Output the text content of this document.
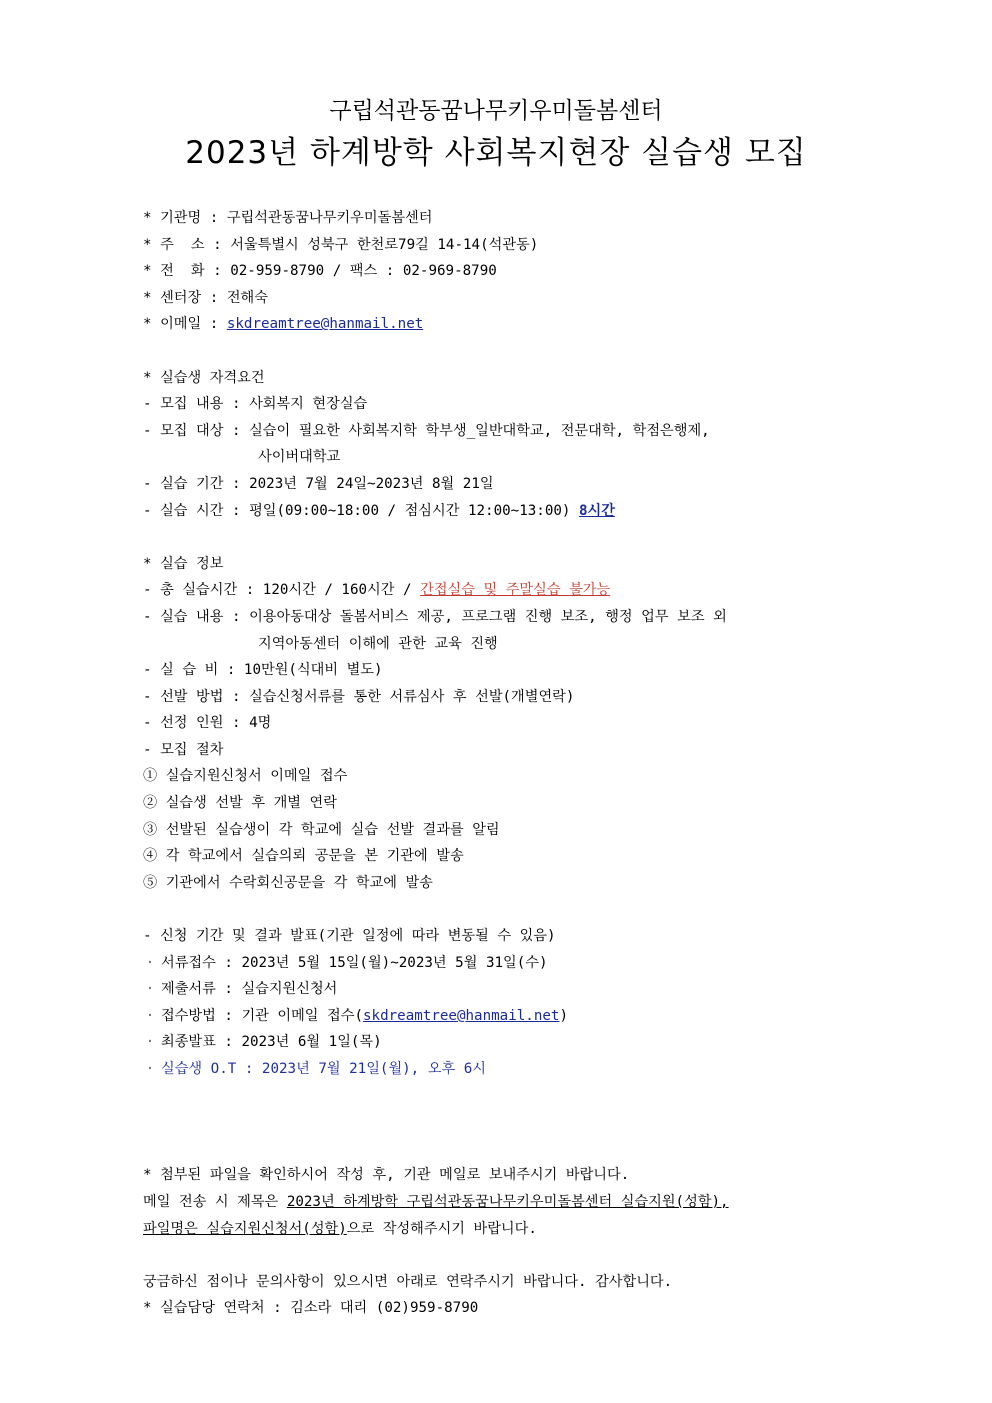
구립석관동꿈나무키우미돌봄센터
2023년 하계방학 사회복지현장 실습생 모집
* 기관명 : 구립석관동꿈나무키우미돌봄센터
* 주  소 : 서울특별시 성북구 한천로79길 14-14(석관동)
* 전  화 : 02-959-8790 / 팩스 : 02-969-8790
* 센터장 : 전해숙
* 이메일 : skdreamtree@hanmail.net
* 실습생 자격요건
- 모집 내용 : 사회복지 현장실습
- 모집 대상 : 실습이 필요한 사회복지학 학부생_일반대학교, 전문대학, 학점은행제,
사이버대학교
- 실습 기간 : 2023년 7월 24일~2023년 8월 21일
- 실습 시간 : 평일(09:00~18:00 / 점심시간 12:00~13:00) 8시간
* 실습 정보
- 총 실습시간 : 120시간 / 160시간 / 간접실습 및 주말실습 불가능
- 실습 내용 : 이용아동대상 돌봄서비스 제공, 프로그램 진행 보조, 행정 업무 보조 외
지역아동센터 이해에 관한 교육 진행
- 실 습 비 : 10만원(식대비 별도)
- 선발 방법 : 실습신청서류를 통한 서류심사 후 선발(개별연락)
- 선정 인원 : 4명
- 모집 절차
① 실습지원신청서 이메일 접수
② 실습생 선발 후 개별 연락
③ 선발된 실습생이 각 학교에 실습 선발 결과를 알림
④ 각 학교에서 실습의뢰 공문을 본 기관에 발송
⑤ 기관에서 수락회신공문을 각 학교에 발송
- 신청 기간 및 결과 발표(기관 일정에 따라 변동될 수 있음)
· 서류접수 : 2023년 5월 15일(월)~2023년 5월 31일(수)
· 제출서류 : 실습지원신청서
· 접수방법 : 기관 이메일 접수(skdreamtree@hanmail.net)
· 최종발표 : 2023년 6월 1일(목)
· 실습생 O.T : 2023년 7월 21일(월), 오후 6시
* 첨부된 파일을 확인하시어 작성 후, 기관 메일로 보내주시기 바랍니다.
메일 전송 시 제목은 2023년 하계방학 구립석관동꿈나무키우미돌봄센터 실습지원(성함),
파일명은 실습지원신청서(성함)으로 작성해주시기 바랍니다.
궁금하신 점이나 문의사항이 있으시면 아래로 연락주시기 바랍니다. 감사합니다.
* 실습담당 연락처 : 김소라 대리 (02)959-8790
